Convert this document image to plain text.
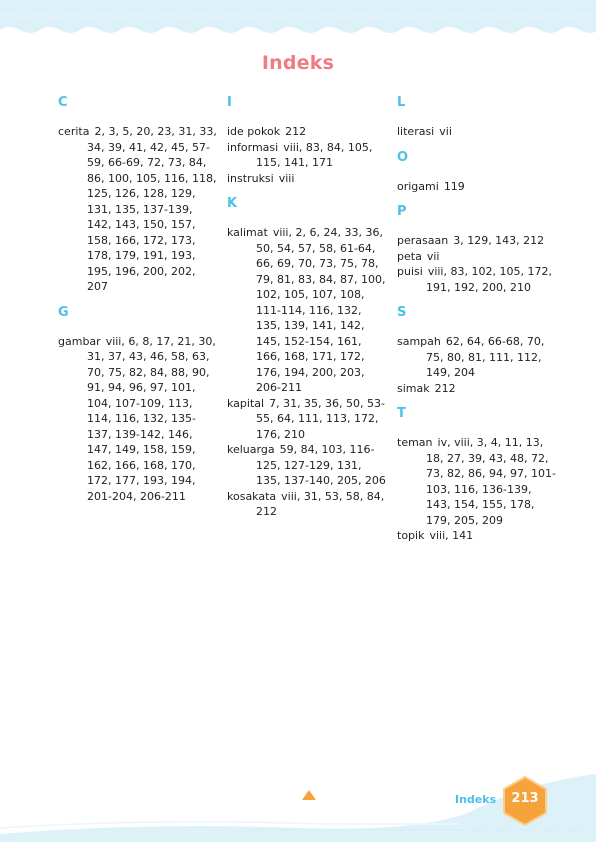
Indeks
C

cerita 2, 3, 5, 20, 23, 31, 33, 34, 39, 41, 42, 45, 57-59, 66-69, 72, 73, 84, 86, 100, 105, 116, 118, 125, 126, 128, 129, 131, 135, 137-139, 142, 143, 150, 157, 158, 166, 172, 173, 178, 179, 191, 193, 195, 196, 200, 202, 207

G

gambar viii, 6, 8, 17, 21, 30, 31, 37, 43, 46, 58, 63, 70, 75, 82, 84, 88, 90, 91, 94, 96, 97, 101, 104, 107-109, 113, 114, 116, 132, 135-137, 139-142, 146, 147, 149, 158, 159, 162, 166, 168, 170, 172, 177, 193, 194, 201-204, 206-211

I

ide pokok 212

informasi viii, 83, 84, 105, 115, 141, 171

instruksi viii

K

kalimat viii, 2, 6, 24, 33, 36, 50, 54, 57, 58, 61-64, 66, 69, 70, 73, 75, 78, 79, 81, 83, 84, 87, 100, 102, 105, 107, 108, 111-114, 116, 132, 135, 139, 141, 142, 145, 152-154, 161, 166, 168, 171, 172, 176, 194, 200, 203, 206-211

kapital 7, 31, 35, 36, 50, 53-55, 64, 111, 113, 172, 176, 210

keluarga 59, 84, 103, 116-125, 127-129, 131, 135, 137-140, 205, 206

kosakata viii, 31, 53, 58, 84, 212

L

literasi vii

O

origami 119

P

perasaan 3, 129, 143, 212

peta vii

puisi viii, 83, 102, 105, 172, 191, 192, 200, 210

S

sampah 62, 64, 66-68, 70, 75, 80, 81, 111, 112, 149, 204

simak 212

T

teman iv, viii, 3, 4, 11, 13, 18, 27, 39, 43, 48, 72, 73, 82, 86, 94, 97, 101-103, 116, 136-139, 143, 154, 155, 178, 179, 205, 209

topik viii, 141

Indeks	213
